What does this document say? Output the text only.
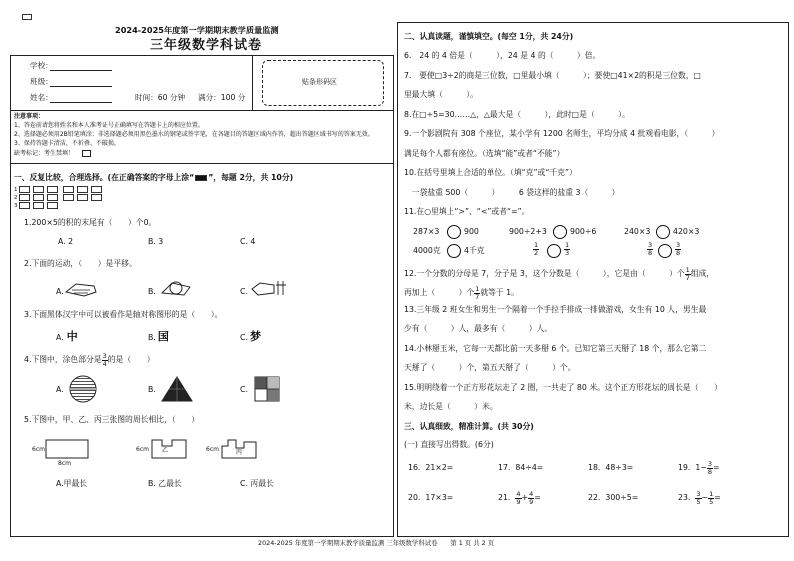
2024-2025年度第一学期期末教学质量监测
三年级数学科试卷
学校：
班级：
姓名：	时间：60 分钟 满分：100 分
贴条形码区
注意事项：
1、答卷前请您将姓名和本人准考证号正确填写在答题卡上的相应位置。
2、选择题必须用2B铅笔填涂；非选择题必须用黑色墨水的钢笔或签字笔，在各题目的答题区域内作答，超出答题区域书写的答案无效。
3、保持答题卡清洁，不折叠、不破损。
缺考标记：考生禁填！
一、反复比较，合理选择。(在正确答案的字母上涂“ ”，每题 2分，共 10分)
1
2
3
1.200×5的积的末尾有（　　）个0。
A. 2	B. 3	C. 4
2.下面的运动，（　　）是平移。
A.	B.	C.
3.下面黑体汉字中可以被看作是轴对称图形的是（　　）。
A. 中	B. 国	C. 梦
4.下图中，涂色部分是 $\frac{3}{4}$ 的是（　　）
A.	B.	C.
5.下图中，甲、乙、丙三张图的周长相比，（　　）
6cm
8cm
6cm 乙	6cm	丙
A.甲最长	B. 乙最长	C. 丙最长
二、认真读题，谨慎填空。(每空 1分，共 24分)
6.　24 的 4 倍是（　　　），24 是 4 的（　　　）倍。
7.　要使□3÷2的商是三位数，□里最小填（　　　）；要使□41×2的积是三位数，□
里最大填（　　　）。
8.在□÷5=30……△，△最大是（　　　），此时□是（　　　）。
9.一个影剧院有 308 个座位，某小学有 1200 名师生，平均分成 4 批观看电影，（　　　）
满足每个人都有座位。（选填“能”或者“不能”）
10.在括号里填上合适的单位。（填“克”或“千克”）
　一袋盐重 500（　　　）　　　6 袋这样的盐重 3（　　　）
11.在○里填上“>”、“<”或者“=”。
287×3	900	900÷2+3	900÷6	240×3	420×3
4000克	4千克	$\frac{1}{2}$	$\frac{1}{3}$	$\frac{3}{8}$	$\frac{3}{8}$
12.一个分数的分母是 7，分子是 3，这个分数是（　　　），它是由（　　　）个 $\frac{1}{7}$ 组成，
再加上（　　　）个 $\frac{1}{7}$ 就等于 1。
13.三年级 2 班女生和男生一个隔着一个手拉手排成一排做游戏，女生有 10 人，男生最
少有（　　　）人，最多有（　　　）人。
14.小林掰玉米，它每一天都比前一天多掰 6 个。已知它第三天掰了 18 个，那么它第二
天掰了（　　　）个，第五天掰了（　　　）个。
15.明明绕着一个正方形花坛走了 2 圈，一共走了 80 米。这个正方形花坛的周长是（　　）
米，边长是（　　　）米。
三、认真细致，精准计算。(共 30分)
(一) 直接写出得数。(6分)
16. 21×2=	17. 84÷4=	18. 48÷3=	19. $1- \frac{3}{8}$ =
20. 17×3=	21. $\frac{4}{9} + \frac{4}{9}$ =	22. 300÷5=	23. $\frac{3}{5} - \frac{1}{5}$ =
2024-2025 年度第一学期期末教学质量监测 三年级数学科试卷　　第 1 页 共 2 页
